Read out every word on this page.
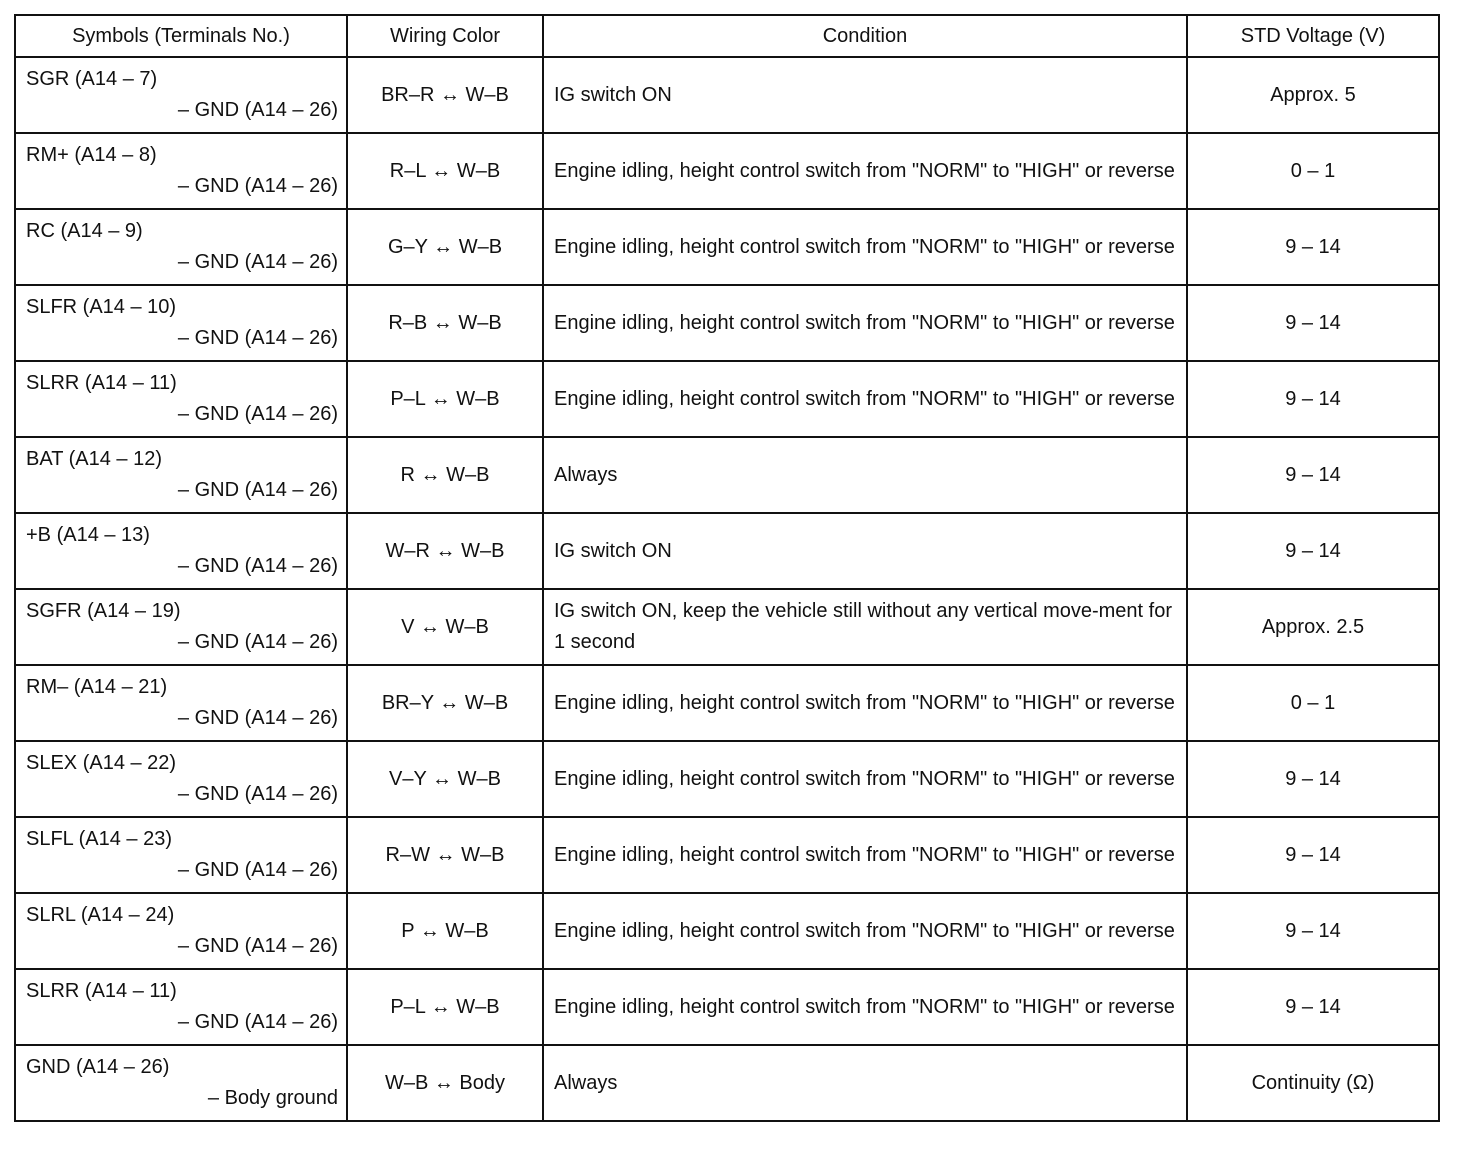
Symbols (Terminals No.)	Wiring Color	Condition	STD Voltage (V)

SGR (A14 – 7)
– GND (A14 – 26)	BR–R ↔ W–B	IG switch ON	Approx. 5

RM+ (A14 – 8)
– GND (A14 – 26)	R–L ↔ W–B	Engine idling, height control switch from "NORM" to "HIGH" or reverse	0 – 1

RC (A14 – 9)
– GND (A14 – 26)	G–Y ↔ W–B	Engine idling, height control switch from "NORM" to "HIGH" or reverse	9 – 14

SLFR (A14 – 10)
– GND (A14 – 26)	R–B ↔ W–B	Engine idling, height control switch from "NORM" to "HIGH" or reverse	9 – 14

SLRR (A14 – 11)
– GND (A14 – 26)	P–L ↔ W–B	Engine idling, height control switch from "NORM" to "HIGH" or reverse	9 – 14

BAT (A14 – 12)
– GND (A14 – 26)	R ↔ W–B	Always	9 – 14

+B (A14 – 13)
– GND (A14 – 26)	W–R ↔ W–B	IG switch ON	9 – 14

SGFR (A14 – 19)
– GND (A14 – 26)	V ↔ W–B	IG switch ON, keep the vehicle still without any vertical move-ment for 1 second	Approx. 2.5

RM– (A14 – 21)
– GND (A14 – 26)	BR–Y ↔ W–B	Engine idling, height control switch from "NORM" to "HIGH" or reverse	0 – 1

SLEX (A14 – 22)
– GND (A14 – 26)	V–Y ↔ W–B	Engine idling, height control switch from "NORM" to "HIGH" or reverse	9 – 14

SLFL (A14 – 23)
– GND (A14 – 26)	R–W ↔ W–B	Engine idling, height control switch from "NORM" to "HIGH" or reverse	9 – 14

SLRL (A14 – 24)
– GND (A14 – 26)	P ↔ W–B	Engine idling, height control switch from "NORM" to "HIGH" or reverse	9 – 14

SLRR (A14 – 11)
– GND (A14 – 26)	P–L ↔ W–B	Engine idling, height control switch from "NORM" to "HIGH" or reverse	9 – 14

GND (A14 – 26)
– Body ground	W–B ↔ Body	Always	Continuity (Ω)
